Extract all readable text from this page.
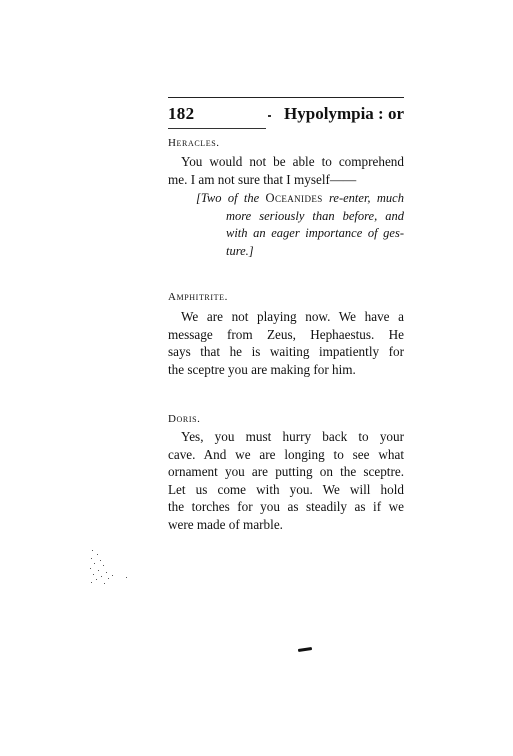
182	Hypolympia : or
Heracles.
You would not be able to comprehend
me. I am not sure that I myself——
[Two of the Oceanides re-enter, much
more seriously than before, and
with an eager importance of ges-
ture.]
Amphitrite.
We are not playing now. We have a
message from Zeus, Hephaestus. He
says that he is waiting impatiently for
the sceptre you are making for him.
Doris.
Yes, you must hurry back to your
cave. And we are longing to see what
ornament you are putting on the sceptre.
Let us come with you. We will hold
the torches for you as steadily as if we
were made of marble.
